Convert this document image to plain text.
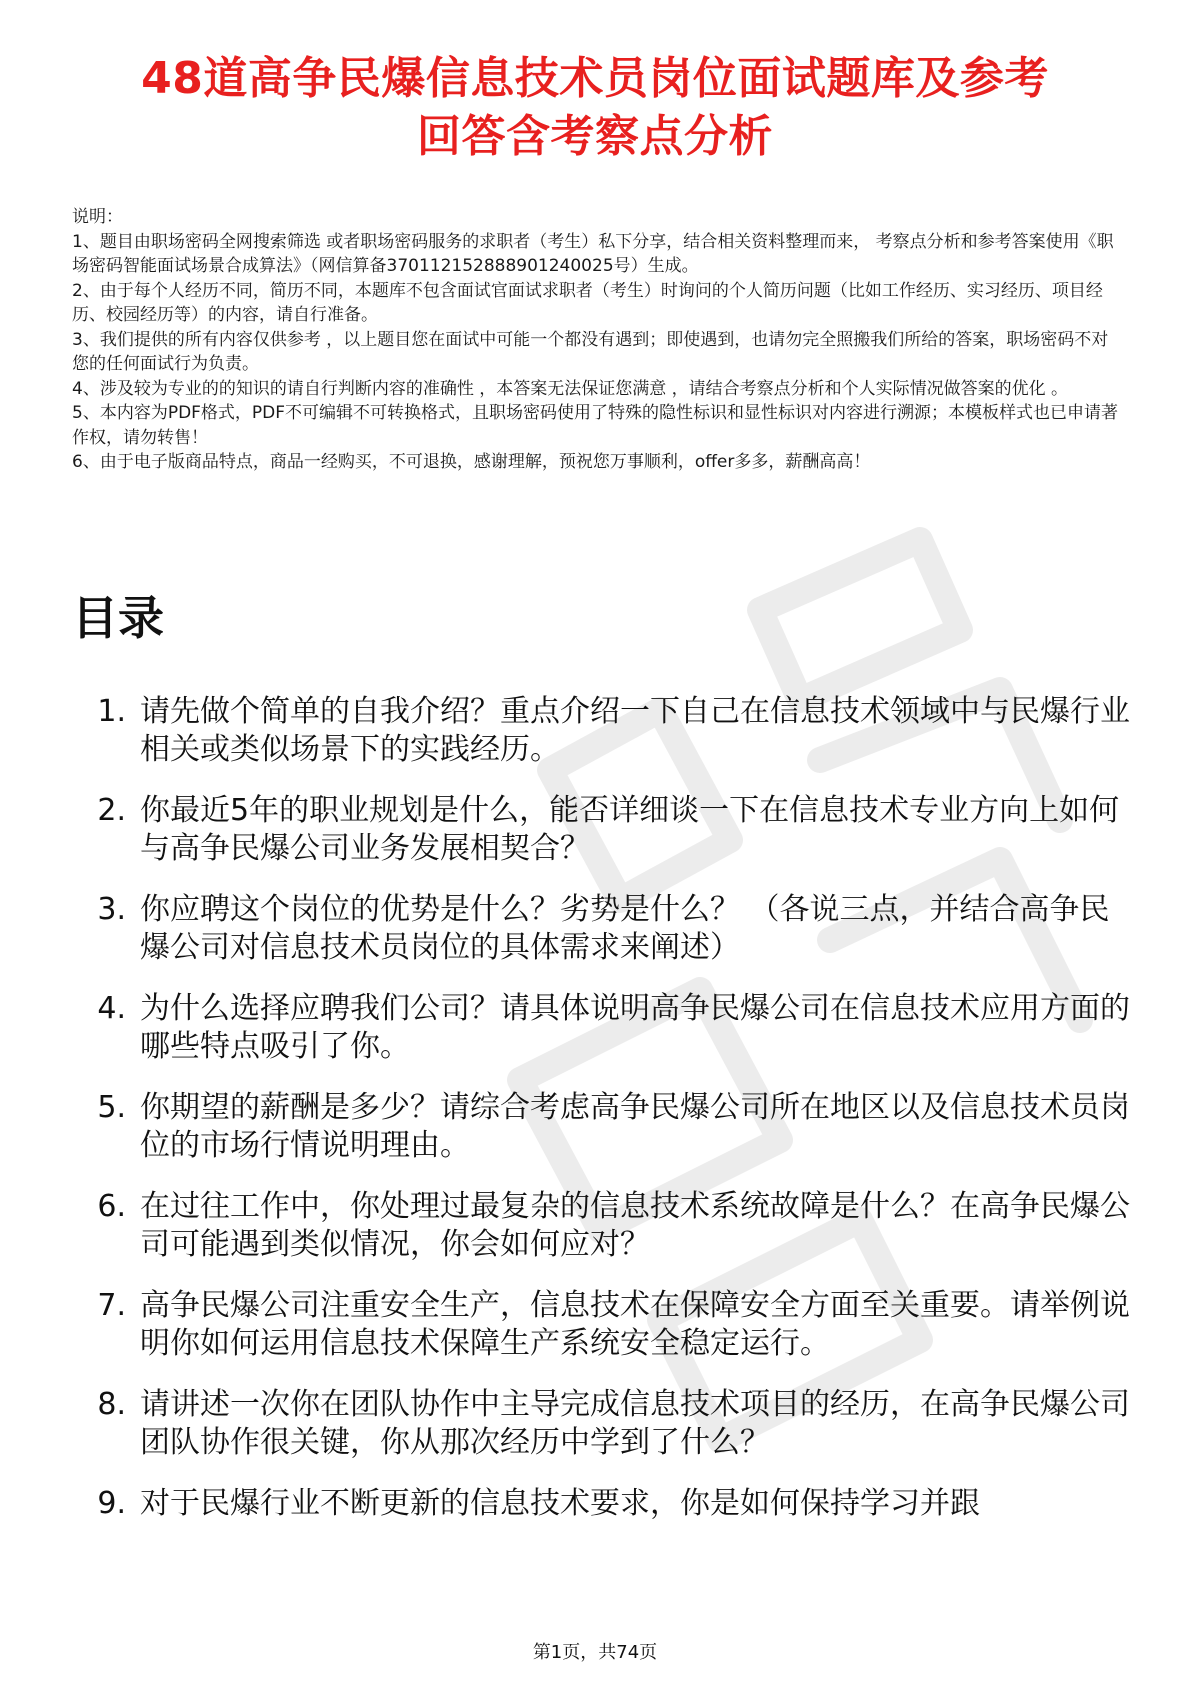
48道高争民爆信息技术员岗位面试题库及参考
回答含考察点分析

说明：

1、题目由职场密码全网搜索筛选 或者职场密码服务的求职者（考生）私下分享，结合相关资料整理而来， 考察点分析和参考答案使用《职场密码智能面试场景合成算法》（网信算备370112152888901240025号）生成。

2、由于每个人经历不同，简历不同，本题库不包含面试官面试求职者（考生）时询问的个人简历问题（比如工作经历、实习经历、项目经历、校园经历等）的内容，请自行准备。

3、我们提供的所有内容仅供参考 ，以上题目您在面试中可能一个都没有遇到；即使遇到，也请勿完全照搬我们所给的答案，职场密码不对您的任何面试行为负责。

4、涉及较为专业的的知识的请自行判断内容的准确性 ，本答案无法保证您满意 ，请结合考察点分析和个人实际情况做答案的优化 。

5、本内容为PDF格式，PDF不可编辑不可转换格式，且职场密码使用了特殊的隐性标识和显性标识对内容进行溯源；本模板样式也已申请著作权，请勿转售！

6、由于电子版商品特点，商品一经购买，不可退换，感谢理解，预祝您万事顺利，offer多多，薪酬高高！

目录
1. 请先做个简单的自我介绍？重点介绍一下自己在信息技术领域中与民爆行业相关或类似场景下的实践经历。
2. 你最近5年的职业规划是什么，能否详细谈一下在信息技术专业方向上如何与高争民爆公司业务发展相契合？
3. 你应聘这个岗位的优势是什么？劣势是什么？ （各说三点，并结合高争民爆公司对信息技术员岗位的具体需求来阐述）
4. 为什么选择应聘我们公司？请具体说明高争民爆公司在信息技术应用方面的哪些特点吸引了你。
5. 你期望的薪酬是多少？请综合考虑高争民爆公司所在地区以及信息技术员岗位的市场行情说明理由。
6. 在过往工作中，你处理过最复杂的信息技术系统故障是什么？在高争民爆公司可能遇到类似情况，你会如何应对？
7. 高争民爆公司注重安全生产，信息技术在保障安全方面至关重要。请举例说明你如何运用信息技术保障生产系统安全稳定运行。
8. 请讲述一次你在团队协作中主导完成信息技术项目的经历，在高争民爆公司团队协作很关键，你从那次经历中学到了什么？
9. 对于民爆行业不断更新的信息技术要求，你是如何保持学习并跟
第1页，共74页
